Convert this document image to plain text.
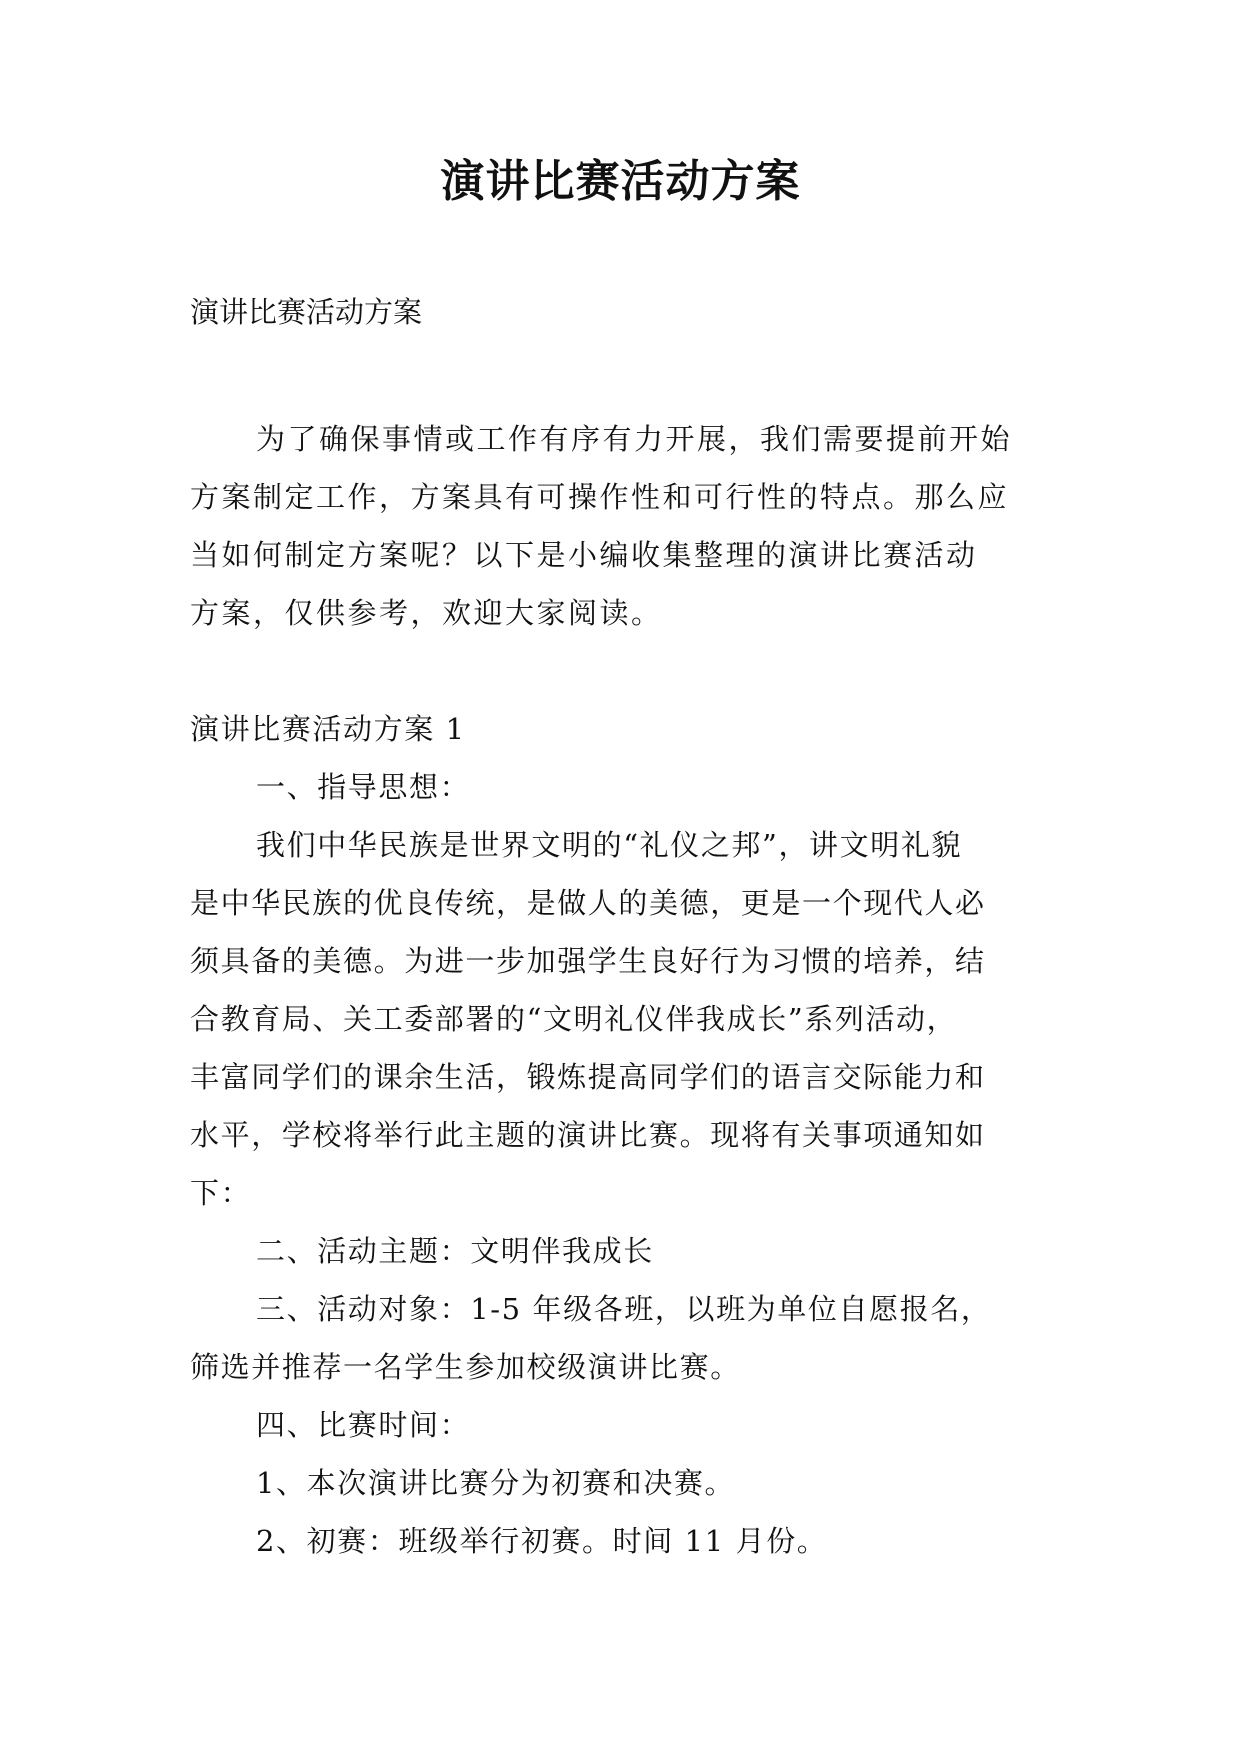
演讲比赛活动方案
演讲比赛活动方案
为了确保事情或工作有序有力开展，我们需要提前开始
方案制定工作，方案具有可操作性和可行性的特点。那么应
当如何制定方案呢？以下是小编收集整理的演讲比赛活动
方案，仅供参考，欢迎大家阅读。
演讲比赛活动方案 1
一、指导思想：
我们中华民族是世界文明的“礼仪之邦”，讲文明礼貌
是中华民族的优良传统，是做人的美德，更是一个现代人必
须具备的美德。为进一步加强学生良好行为习惯的培养，结
合教育局、关工委部署的“文明礼仪伴我成长”系列活动，
丰富同学们的课余生活，锻炼提高同学们的语言交际能力和
水平，学校将举行此主题的演讲比赛。现将有关事项通知如
下：
二、活动主题：文明伴我成长
三、活动对象：1-5 年级各班，以班为单位自愿报名，
筛选并推荐一名学生参加校级演讲比赛。
四、比赛时间：
1、本次演讲比赛分为初赛和决赛。
2、初赛：班级举行初赛。时间 11 月份。
